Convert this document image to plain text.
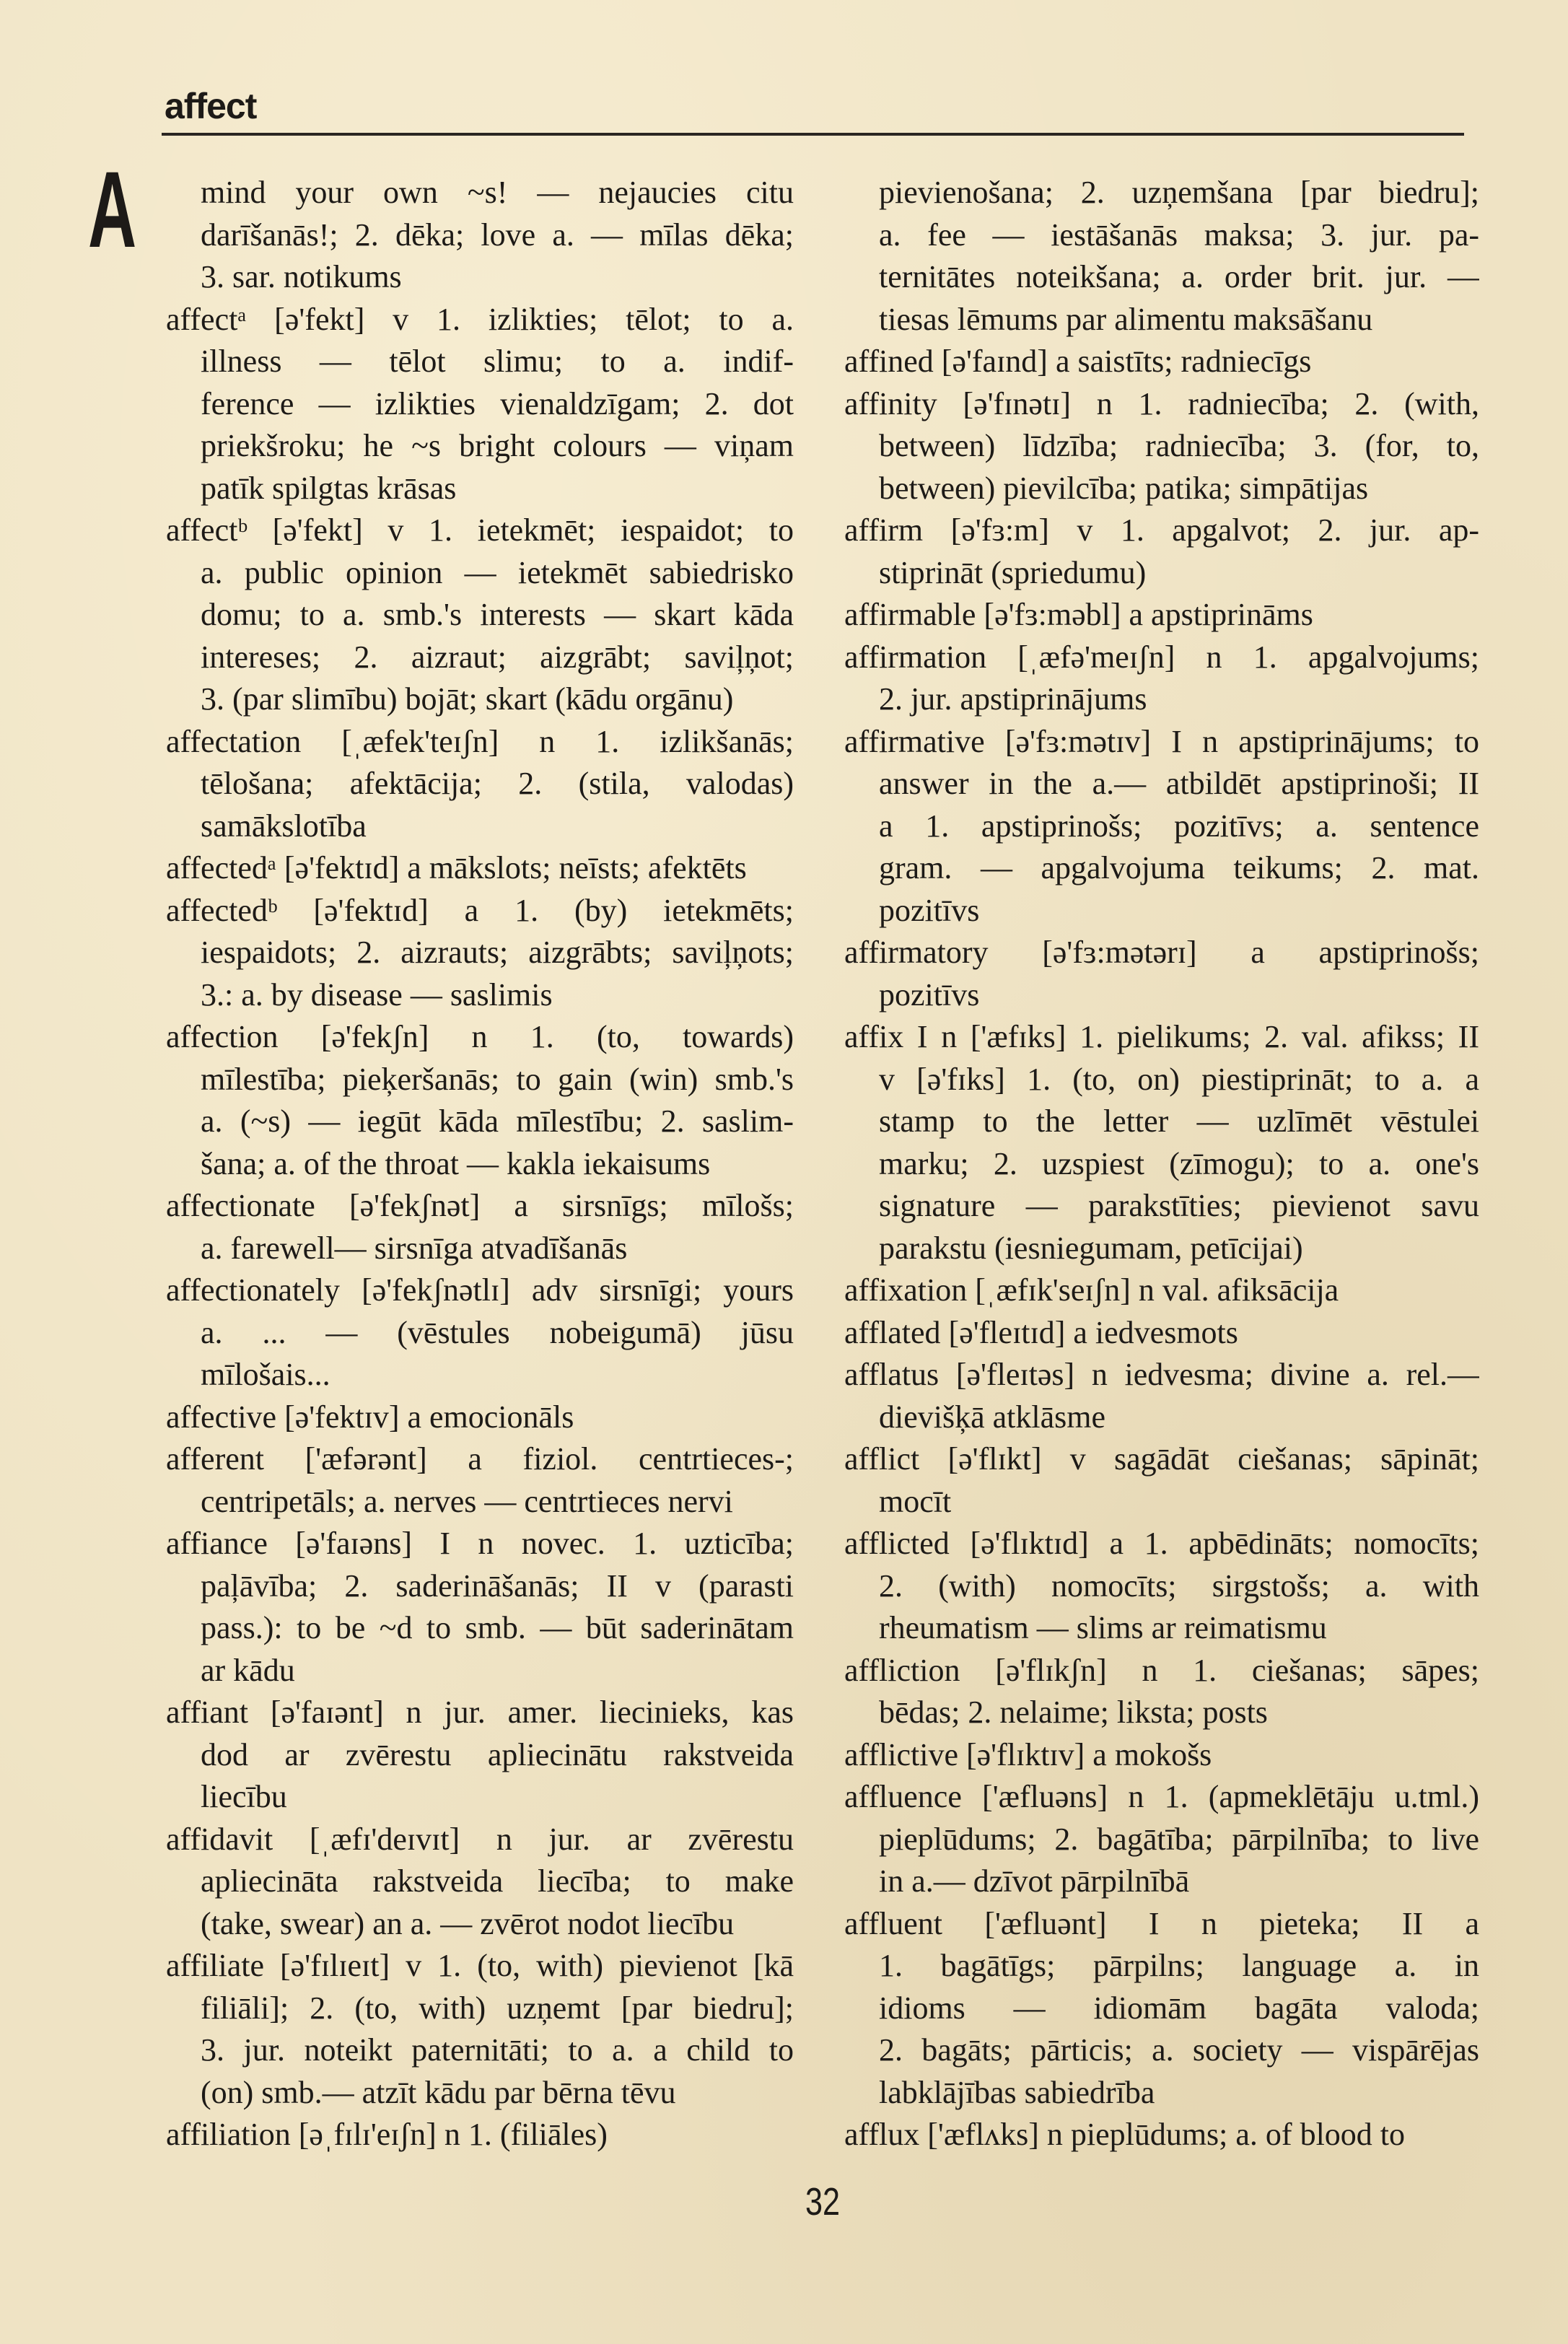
affect
A	mind your own ~s! — nejaucies citu
darīšanās!; 2. dēka; love a. — mīlas dēka;
3. sar. notikums
affectᵃ [ə'fekt] v 1. izlikties; tēlot; to a.
illness — tēlot slimu; to a. indif-
ference — izlikties vienaldzīgam; 2. dot
priekšroku; he ~s bright colours — viņam
patīk spilgtas krāsas
affectᵇ [ə'fekt] v 1. ietekmēt; iespaidot; to
a. public opinion — ietekmēt sabiedrisko
domu; to a. smb.'s interests — skart kāda
intereses; 2. aizraut; aizgrābt; saviļņot;
3. (par slimību) bojāt; skart (kādu orgānu)
affectation [ˌæfek'teɪʃn] n 1. izlikšanās;
tēlošana; afektācija; 2. (stila, valodas)
samākslotība
affectedᵃ [ə'fektɪd] a mākslots; neīsts; afektēts
affectedᵇ [ə'fektɪd] a 1. (by) ietekmēts;
iespaidots; 2. aizrauts; aizgrābts; saviļņots;
3.: a. by disease — saslimis
affection [ə'fekʃn] n 1. (to, towards)
mīlestība; pieķeršanās; to gain (win) smb.'s
a. (~s) — iegūt kāda mīlestību; 2. saslim-
šana; a. of the throat — kakla iekaisums
affectionate [ə'fekʃnət] a sirsnīgs; mīlošs;
a. farewell— sirsnīga atvadīšanās
affectionately [ə'fekʃnətlɪ] adv sirsnīgi; yours
a. ... — (vēstules nobeigumā) jūsu
mīlošais...
affective [ə'fektɪv] a emocionāls
afferent ['æfərənt] a fiziol. centrtieces-;
centripetāls; a. nerves — centrtieces nervi
affiance [ə'faɪəns] I n novec. 1. uzticība;
paļāvība; 2. saderināšanās; II v (parasti
pass.): to be ~d to smb. — būt saderinātam
ar kādu
affiant [ə'faɪənt] n jur. amer. liecinieks, kas
dod ar zvērestu apliecinātu rakstveida
liecību
affidavit [ˌæfɪ'deɪvɪt] n jur. ar zvērestu
apliecināta rakstveida liecība; to make
(take, swear) an a. — zvērot nodot liecību
affiliate [ə'fɪlɪeɪt] v 1. (to, with) pievienot [kā
filiāli]; 2. (to, with) uzņemt [par biedru];
3. jur. noteikt paternitāti; to a. a child to
(on) smb.— atzīt kādu par bērna tēvu
affiliation [əˌfɪlɪ'eɪʃn] n 1. (filiāles)
pievienošana; 2. uzņemšana [par biedru];
a. fee — iestāšanās maksa; 3. jur. pa-
ternitātes noteikšana; a. order brit. jur. —
tiesas lēmums par alimentu maksāšanu
affined [ə'faɪnd] a saistīts; radniecīgs
affinity [ə'fɪnətɪ] n 1. radniecība; 2. (with,
between) līdzība; radniecība; 3. (for, to,
between) pievilcība; patika; simpātijas
affirm [ə'fɜ:m] v 1. apgalvot; 2. jur. ap-
stiprināt (spriedumu)
affirmable [ə'fɜ:məbl] a apstiprināms
affirmation [ˌæfə'meɪʃn] n 1. apgalvojums;
2. jur. apstiprinājums
affirmative [ə'fɜ:mətɪv] I n apstiprinājums; to
answer in the a.— atbildēt apstiprinoši; II
a 1. apstiprinošs; pozitīvs; a. sentence
gram. — apgalvojuma teikums; 2. mat.
pozitīvs
affirmatory [ə'fɜ:mətərɪ] a apstiprinošs;
pozitīvs
affix I n ['æfɪks] 1. pielikums; 2. val. afikss; II
v [ə'fɪks] 1. (to, on) piestiprināt; to a. a
stamp to the letter — uzlīmēt vēstulei
marku; 2. uzspiest (zīmogu); to a. one's
signature — parakstīties; pievienot savu
parakstu (iesniegumam, petīcijai)
affixation [ˌæfɪk'seɪʃn] n val. afiksācija
afflated [ə'fleɪtɪd] a iedvesmots
afflatus [ə'fleɪtəs] n iedvesma; divine a. rel.—
dievišķā atklāsme
afflict [ə'flɪkt] v sagādāt ciešanas; sāpināt;
mocīt
afflicted [ə'flɪktɪd] a 1. apbēdināts; nomocīts;
2. (with) nomocīts; sirgstošs; a. with
rheumatism — slims ar reimatismu
affliction [ə'flɪkʃn] n 1. ciešanas; sāpes;
bēdas; 2. nelaime; liksta; posts
afflictive [ə'flɪktɪv] a mokošs
affluence ['æfluəns] n 1. (apmeklētāju u.tml.)
pieplūdums; 2. bagātība; pārpilnība; to live
in a.— dzīvot pārpilnībā
affluent ['æfluənt] I n pieteka; II a
1. bagātīgs; pārpilns; language a. in
idioms — idiomām bagāta valoda;
2. bagāts; pārticis; a. society — vispārējas
labklājības sabiedrība
afflux ['æflʌks] n pieplūdums; a. of blood to
32
